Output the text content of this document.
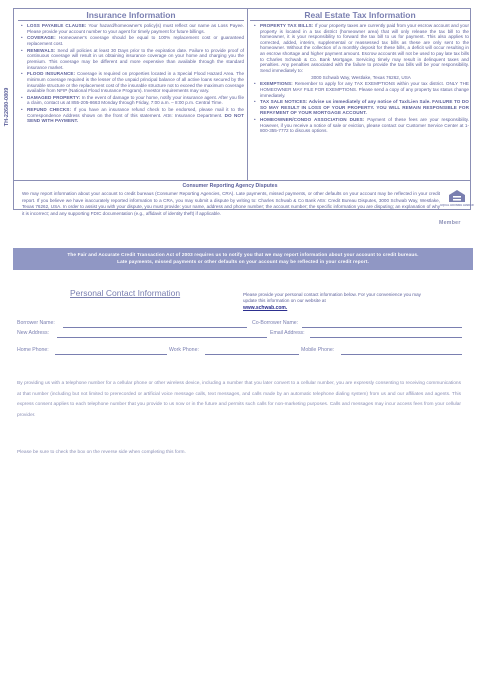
TH-22680-0809
Insurance Information	Real Estate Tax Information

• LOSS PAYABLE CLAUSE: Your hazard/homeowner's policy(s) must reflect our name as Loss Payee. Please provide your account number to your agent for timely payment for future billings.

• COVERAGE: Homeowner's coverage should be equal to 100% replacement cost or guaranteed replacement cost.

• RENEWALS: Send all policies at least 30 Days prior to the expiration date. Failure to provide proof of continuous coverage will result in us obtaining insurance coverage on your home and charging you the premium. This coverage may be different and more expensive than available through the standard insurance market.

• FLOOD INSURANCE: Coverage is required on properties located in a Special Flood Hazard Area. The minimum coverage required is the lesser of the unpaid principal balance of all active loans secured by the insurable structure or the replacement cost of the insurable structure not to exceed the maximum coverage available from NFIP (National Flood Insurance Program). Investor requirements may vary.

• DAMAGED PROPERTY: In the event of damage to your home, notify your insurance agent. After you file a claim, contact us at 855-205-8663 Monday through Friday, 7:00 a.m. – 8:00 p.m. Central Time.

• REFUND CHECKS: If you have an insurance refund check to be endorsed, please mail it to the Correspondence Address shown on the front of this statement. Attn: Insurance Department. DO NOT SEND WITH PAYMENT.

• PROPERTY TAX BILLS: If your property taxes are currently paid from your escrow account and your property is located in a tax district (homeowner area) that will only release the tax bill to the homeowner, it is your responsibility to forward the tax bill to us for payment. This also applies to corrected, added, interim, supplemental or reassessed tax bills as these are only sent to the homeowner. Without the collection of a monthly deposit for these bills, a deficit will occur resulting in an escrow shortage and higher payment amount. Escrow accounts will not be used to pay late tax bills to Charles Schwab & Co. Bank Mortgage. Servicing timely may result in delinquent taxes and penalties. Any penalties associated with the failure to provide the tax bills will be your responsibility. Send immediately to:

3000 Schwab Way, Westlake, Texas 76262, USA

• EXEMPTIONS: Remember to apply for any TAX EXEMPTIONS within your tax district. ONLY THE HOMEOWNER MAY FILE FOR EXEMPTIONS. Please send a copy of any property tax status change immediately.

• TAX SALE NOTICES: Advise us immediately of any notice of Tax/Lien Sale. FAILURE TO DO SO MAY RESULT IN LOSS OF YOUR PROPERTY. YOU WILL REMAIN RESPONSIBLE FOR REPAYMENT OF YOUR MORTGAGE ACCOUNT.

• HOMEOWNER/CONDO ASSOCIATION DUES: Payment of these fees are your responsibility. However, if you receive a notice of sale or eviction, please contact our Customer Service Center at 1-800-355-7772 to discuss options.

Consumer Reporting Agency Disputes
We may report information about your account to credit bureaus (Consumer Reporting Agencies, CRA). Late payments, missed payments, or other defaults on your account may be reflected in your credit report. If you believe we have inaccurately reported information to a CRA, you may submit a dispute by writing to: Charles Schwab & Co Bank Attn: Credit Bureau Disputes, 3000 Schwab Way, Westlake, Texas 76262, USA. In order to assist you with your dispute, you must provide: your name, address and phone number; the account number; the specific information you are disputing; an explanation of why it is incorrect; and any supporting FDIC documentation (e.g., affidavit of identity theft) if applicable.
EQUAL HOUSING LENDER
Member
The Fair and Accurate Credit Transaction Act of 2003 requires us to notify you that we may report information about your account to credit bureaus.
Late payments, missed payments or other defaults on your account may be reflected in your credit report.
Personal Contact Information	Please provide your personal contact information below. For your convenience you may update this information on our website at
www.schwab.com.
Borrower Name:	Co-Borrower Name:
New Address:	Email Address:
Home Phone:	Work Phone:	Mobile Phone:
By providing us with a telephone number for a cellular phone or other wireless device, including a number that you later convert to a cellular number, you are expressly consenting to receiving communications at that number (including but not limited to prerecorded or artificial voice message calls, text messages, and calls made by an automatic telephone dialing system) from us and our affiliates and agents. This express consent applies to each telephone number that you provide to us now or in the future and permits such calls for non-marketing purposes. Calls and messages may incur access fees from your cellular provider.
Please be sure to check the box on the reverse side when completing this form.
